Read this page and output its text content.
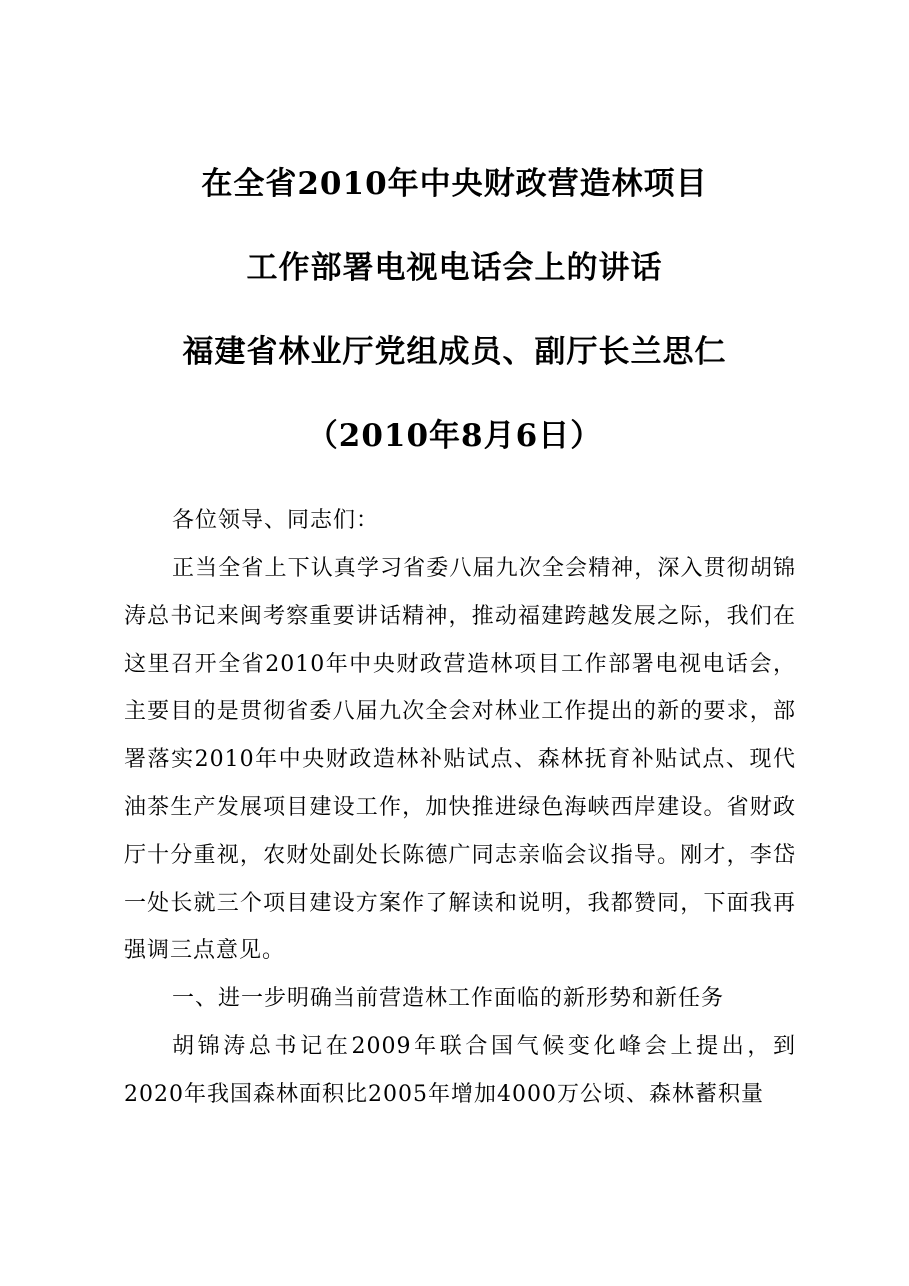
在全省2010年中央财政营造林项目
工作部署电视电话会上的讲话
福建省林业厅党组成员、副厅长兰思仁
（2010年8月6日）
各位领导、同志们：
正当全省上下认真学习省委八届九次全会精神，深入贯彻胡锦涛总书记来闽考察重要讲话精神，推动福建跨越发展之际，我们在这里召开全省2010年中央财政营造林项目工作部署电视电话会，主要目的是贯彻省委八届九次全会对林业工作提出的新的要求，部署落实2010年中央财政造林补贴试点、森林抚育补贴试点、现代油茶生产发展项目建设工作，加快推进绿色海峡西岸建设。省财政厅十分重视，农财处副处长陈德广同志亲临会议指导。刚才，李岱一处长就三个项目建设方案作了解读和说明，我都赞同，下面我再强调三点意见。
一、进一步明确当前营造林工作面临的新形势和新任务
胡锦涛总书记在2009年联合国气候变化峰会上提出，到2020年我国森林面积比2005年增加4000万公顷、森林蓄积量
